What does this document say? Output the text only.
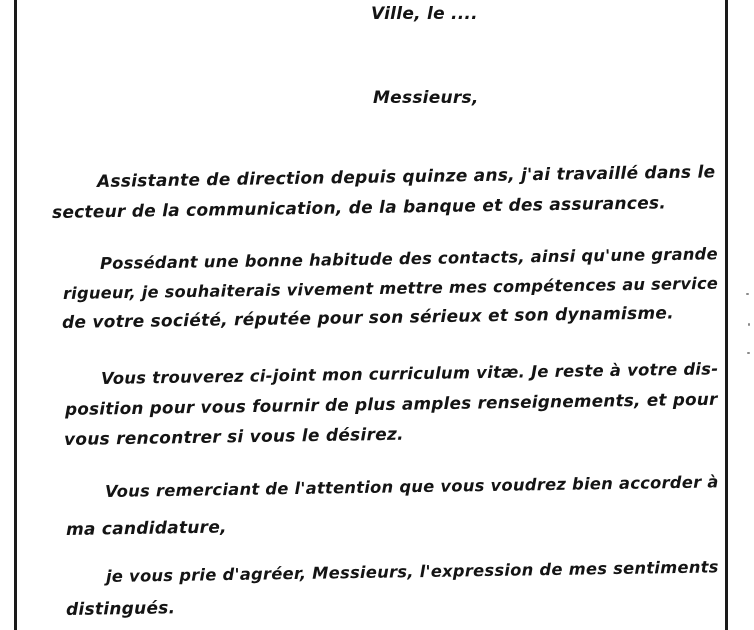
Ville, le ....

Messieurs,

Assistante de direction depuis quinze ans, j'ai travaillé dans le

secteur de la communication, de la banque et des assurances.

Possédant une bonne habitude des contacts, ainsi qu'une grande

rigueur, je souhaiterais vivement mettre mes compétences au service

de votre société, réputée pour son sérieux et son dynamisme.

Vous trouverez ci-joint mon curriculum vitæ. Je reste à votre dis-

position pour vous fournir de plus amples renseignements, et pour

vous rencontrer si vous le désirez.

Vous remerciant de l'attention que vous voudrez bien accorder à

ma candidature,

je vous prie d'agréer, Messieurs, l'expression de mes sentiments

distingués.
